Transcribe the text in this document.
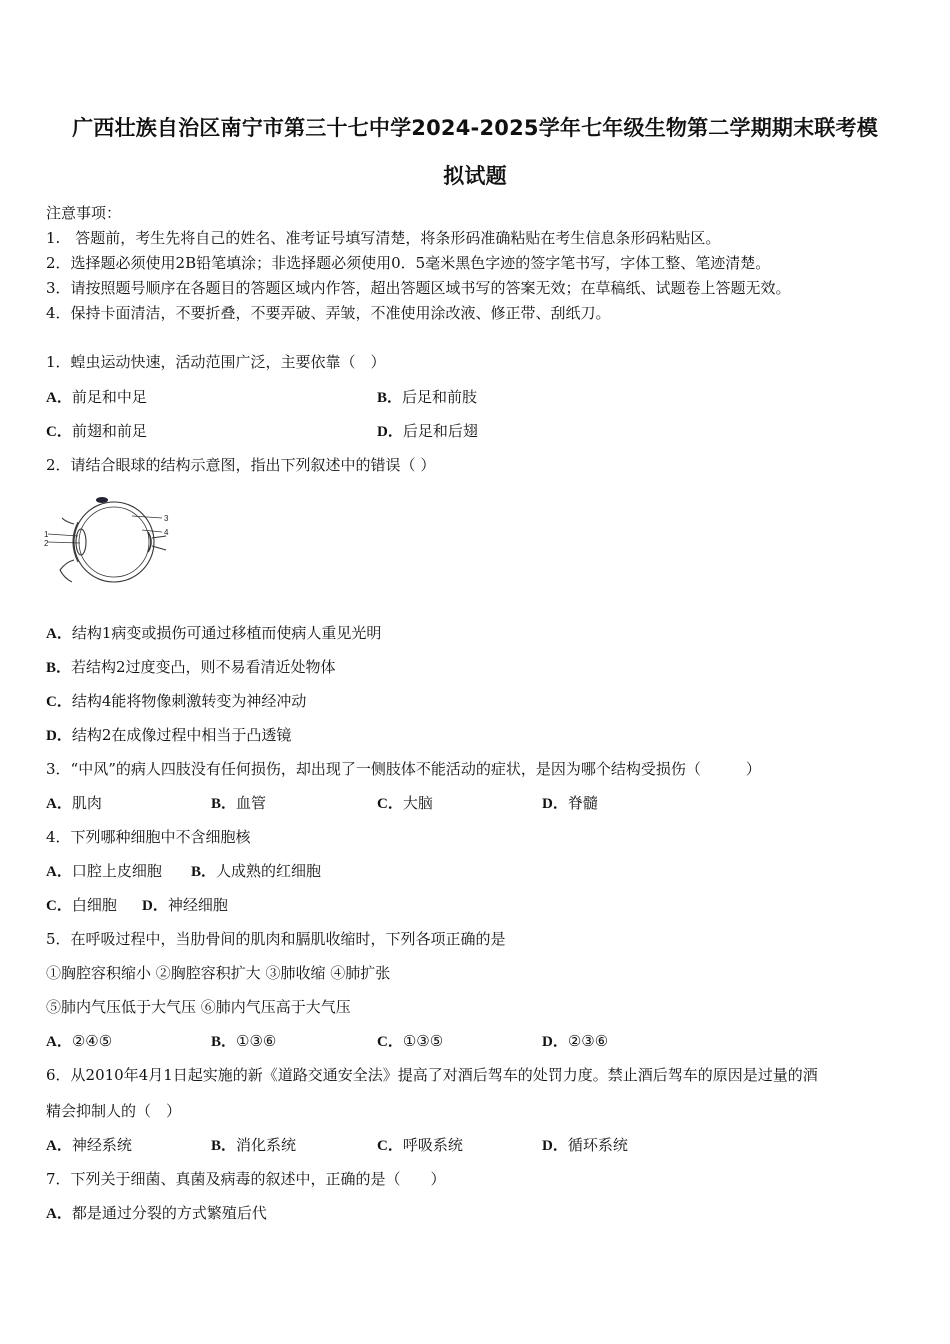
广西壮族自治区南宁市第三十七中学2024-2025学年七年级生物第二学期期末联考模
拟试题
注意事项：
1.　答题前，考生先将自己的姓名、准考证号填写清楚，将条形码准确粘贴在考生信息条形码粘贴区。
2．选择题必须使用2B铅笔填涂；非选择题必须使用0．5毫米黑色字迹的签字笔书写，字体工整、笔迹清楚。
3．请按照题号顺序在各题目的答题区域内作答，超出答题区域书写的答案无效；在草稿纸、试题卷上答题无效。
4．保持卡面清洁，不要折叠，不要弄破、弄皱，不准使用涂改液、修正带、刮纸刀。
1．蝗虫运动快速，活动范围广泛，主要依靠（　）
A．前足和中足	B．后足和前肢
C．前翅和前足	D．后足和后翅
2．请结合眼球的结构示意图，指出下列叙述中的错误（ ）
1
2
3
4
A．结构1病变或损伤可通过移植而使病人重见光明
B．若结构2过度变凸，则不易看清近处物体
C．结构4能将物像刺激转变为神经冲动
D．结构2在成像过程中相当于凸透镜
3．“中风”的病人四肢没有任何损伤，却出现了一侧肢体不能活动的症状，是因为哪个结构受损伤（　　　）
A．肌肉	B．血管	C．大脑	D．脊髓
4．下列哪种细胞中不含细胞核
A．口腔上皮细胞 B．人成熟的红细胞
C．白细胞 D．神经细胞
5．在呼吸过程中，当肋骨间的肌肉和膈肌收缩时，下列各项正确的是
①胸腔容积缩小 ②胸腔容积扩大 ③肺收缩 ④肺扩张
⑤肺内气压低于大气压 ⑥肺内气压高于大气压
A．②④⑤	B．①③⑥	C．①③⑤	D．②③⑥
6．从2010年4月1日起实施的新《道路交通安全法》提高了对酒后驾车的处罚力度。禁止酒后驾车的原因是过量的酒
精会抑制人的（　）
A．神经系统	B．消化系统	C．呼吸系统	D．循环系统
7．下列关于细菌、真菌及病毒的叙述中，正确的是（　　）
A．都是通过分裂的方式繁殖后代
